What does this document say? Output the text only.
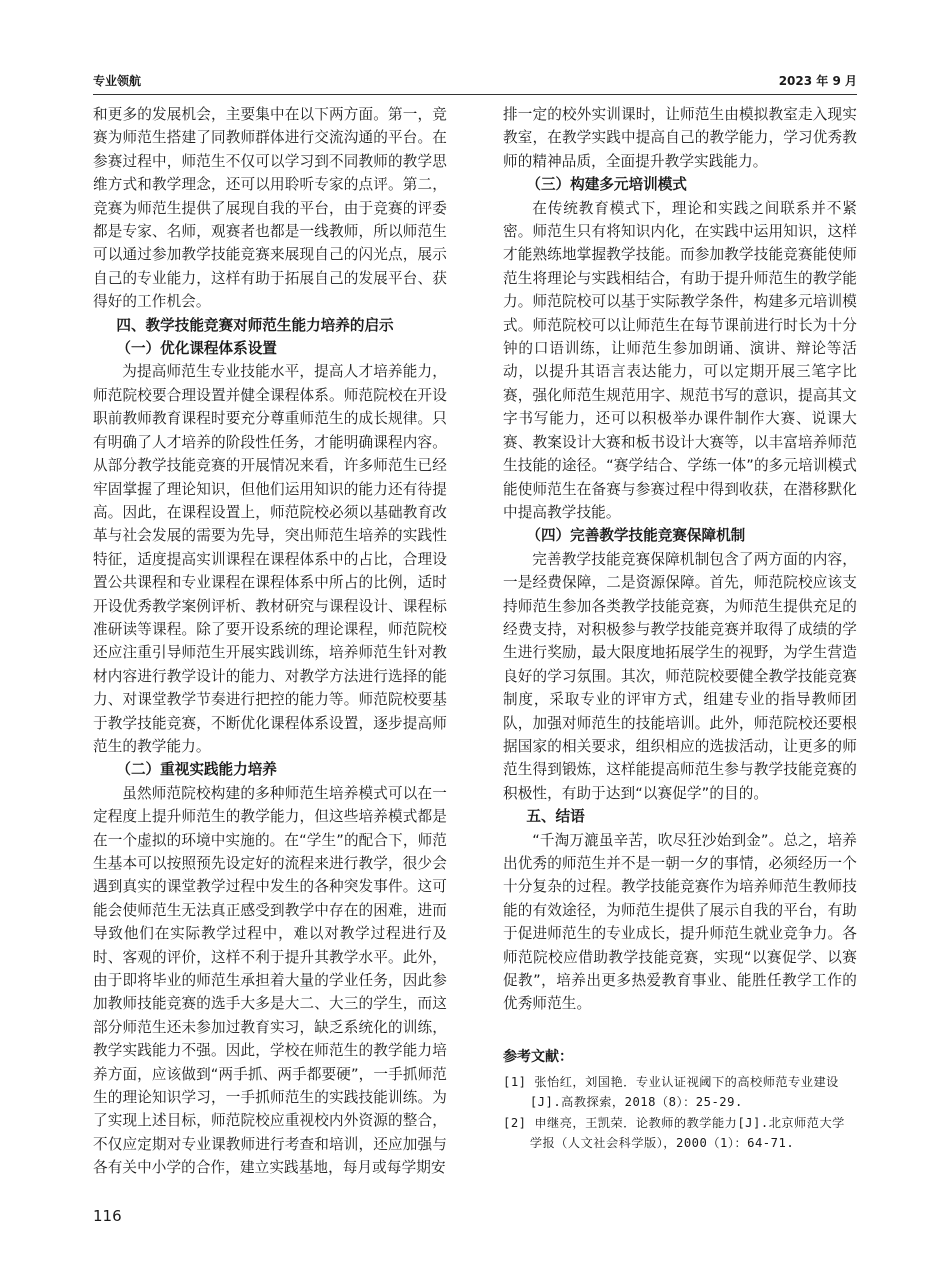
专业领航	2023 年 9 月

和更多的发展机会，主要集中在以下两方面。第一，竞赛为师范生搭建了同教师群体进行交流沟通的平台。在参赛过程中，师范生不仅可以学习到不同教师的教学思维方式和教学理念，还可以用聆听专家的点评。第二，竞赛为师范生提供了展现自我的平台，由于竞赛的评委都是专家、名师，观赛者也都是一线教师，所以师范生可以通过参加教学技能竞赛来展现自己的闪光点，展示自己的专业能力，这样有助于拓展自己的发展平台、获得好的工作机会。

四、教学技能竞赛对师范生能力培养的启示

（一）优化课程体系设置

为提高师范生专业技能水平，提高人才培养能力，师范院校要合理设置并健全课程体系。师范院校在开设职前教师教育课程时要充分尊重师范生的成长规律。只有明确了人才培养的阶段性任务，才能明确课程内容。从部分教学技能竞赛的开展情况来看，许多师范生已经牢固掌握了理论知识，但他们运用知识的能力还有待提高。因此，在课程设置上，师范院校必须以基础教育改革与社会发展的需要为先导，突出师范生培养的实践性特征，适度提高实训课程在课程体系中的占比，合理设置公共课程和专业课程在课程体系中所占的比例，适时开设优秀教学案例评析、教材研究与课程设计、课程标准研读等课程。除了要开设系统的理论课程，师范院校还应注重引导师范生开展实践训练，培养师范生针对教材内容进行教学设计的能力、对教学方法进行选择的能力、对课堂教学节奏进行把控的能力等。师范院校要基于教学技能竞赛，不断优化课程体系设置，逐步提高师范生的教学能力。

（二）重视实践能力培养

虽然师范院校构建的多种师范生培养模式可以在一定程度上提升师范生的教学能力，但这些培养模式都是在一个虚拟的环境中实施的。在“学生”的配合下，师范生基本可以按照预先设定好的流程来进行教学，很少会遇到真实的课堂教学过程中发生的各种突发事件。这可能会使师范生无法真正感受到教学中存在的困难，进而导致他们在实际教学过程中，难以对教学过程进行及时、客观的评价，这样不利于提升其教学水平。此外，由于即将毕业的师范生承担着大量的学业任务，因此参加教师技能竞赛的选手大多是大二、大三的学生，而这部分师范生还未参加过教育实习，缺乏系统化的训练，教学实践能力不强。因此，学校在师范生的教学能力培养方面，应该做到“两手抓、两手都要硬”，一手抓师范生的理论知识学习，一手抓师范生的实践技能训练。为了实现上述目标，师范院校应重视校内外资源的整合，不仅应定期对专业课教师进行考查和培训，还应加强与各有关中小学的合作，建立实践基地，每月或每学期安

排一定的校外实训课时，让师范生由模拟教室走入现实教室，在教学实践中提高自己的教学能力，学习优秀教师的精神品质，全面提升教学实践能力。

（三）构建多元培训模式

在传统教育模式下，理论和实践之间联系并不紧密。师范生只有将知识内化，在实践中运用知识，这样才能熟练地掌握教学技能。而参加教学技能竞赛能使师范生将理论与实践相结合，有助于提升师范生的教学能力。师范院校可以基于实际教学条件，构建多元培训模式。师范院校可以让师范生在每节课前进行时长为十分钟的口语训练，让师范生参加朗诵、演讲、辩论等活动，以提升其语言表达能力，可以定期开展三笔字比赛，强化师范生规范用字、规范书写的意识，提高其文字书写能力，还可以积极举办课件制作大赛、说课大赛、教案设计大赛和板书设计大赛等，以丰富培养师范生技能的途径。“赛学结合、学练一体”的多元培训模式能使师范生在备赛与参赛过程中得到收获，在潜移默化中提高教学技能。

（四）完善教学技能竞赛保障机制

完善教学技能竞赛保障机制包含了两方面的内容，一是经费保障，二是资源保障。首先，师范院校应该支持师范生参加各类教学技能竞赛，为师范生提供充足的经费支持，对积极参与教学技能竞赛并取得了成绩的学生进行奖励，最大限度地拓展学生的视野，为学生营造良好的学习氛围。其次，师范院校要健全教学技能竞赛制度，采取专业的评审方式，组建专业的指导教师团队，加强对师范生的技能培训。此外，师范院校还要根据国家的相关要求，组织相应的选拔活动，让更多的师范生得到锻炼，这样能提高师范生参与教学技能竞赛的积极性，有助于达到“以赛促学”的目的。

五、结语

“千淘万漉虽辛苦，吹尽狂沙始到金”。总之，培养出优秀的师范生并不是一朝一夕的事情，必须经历一个十分复杂的过程。教学技能竞赛作为培养师范生教师技能的有效途径，为师范生提供了展示自我的平台，有助于促进师范生的专业成长，提升师范生就业竞争力。各师范院校应借助教学技能竞赛，实现“以赛促学、以赛促教”，培养出更多热爱教育事业、能胜任教学工作的优秀师范生。

参考文献：

[1] 张怡红，刘国艳．专业认证视阈下的高校师范专业建设[J].高教探索，2018（8）：25-29.

[2] 申继亮，王凯荣．论教师的教学能力[J].北京师范大学学报（人文社会科学版），2000（1）：64-71.

116
